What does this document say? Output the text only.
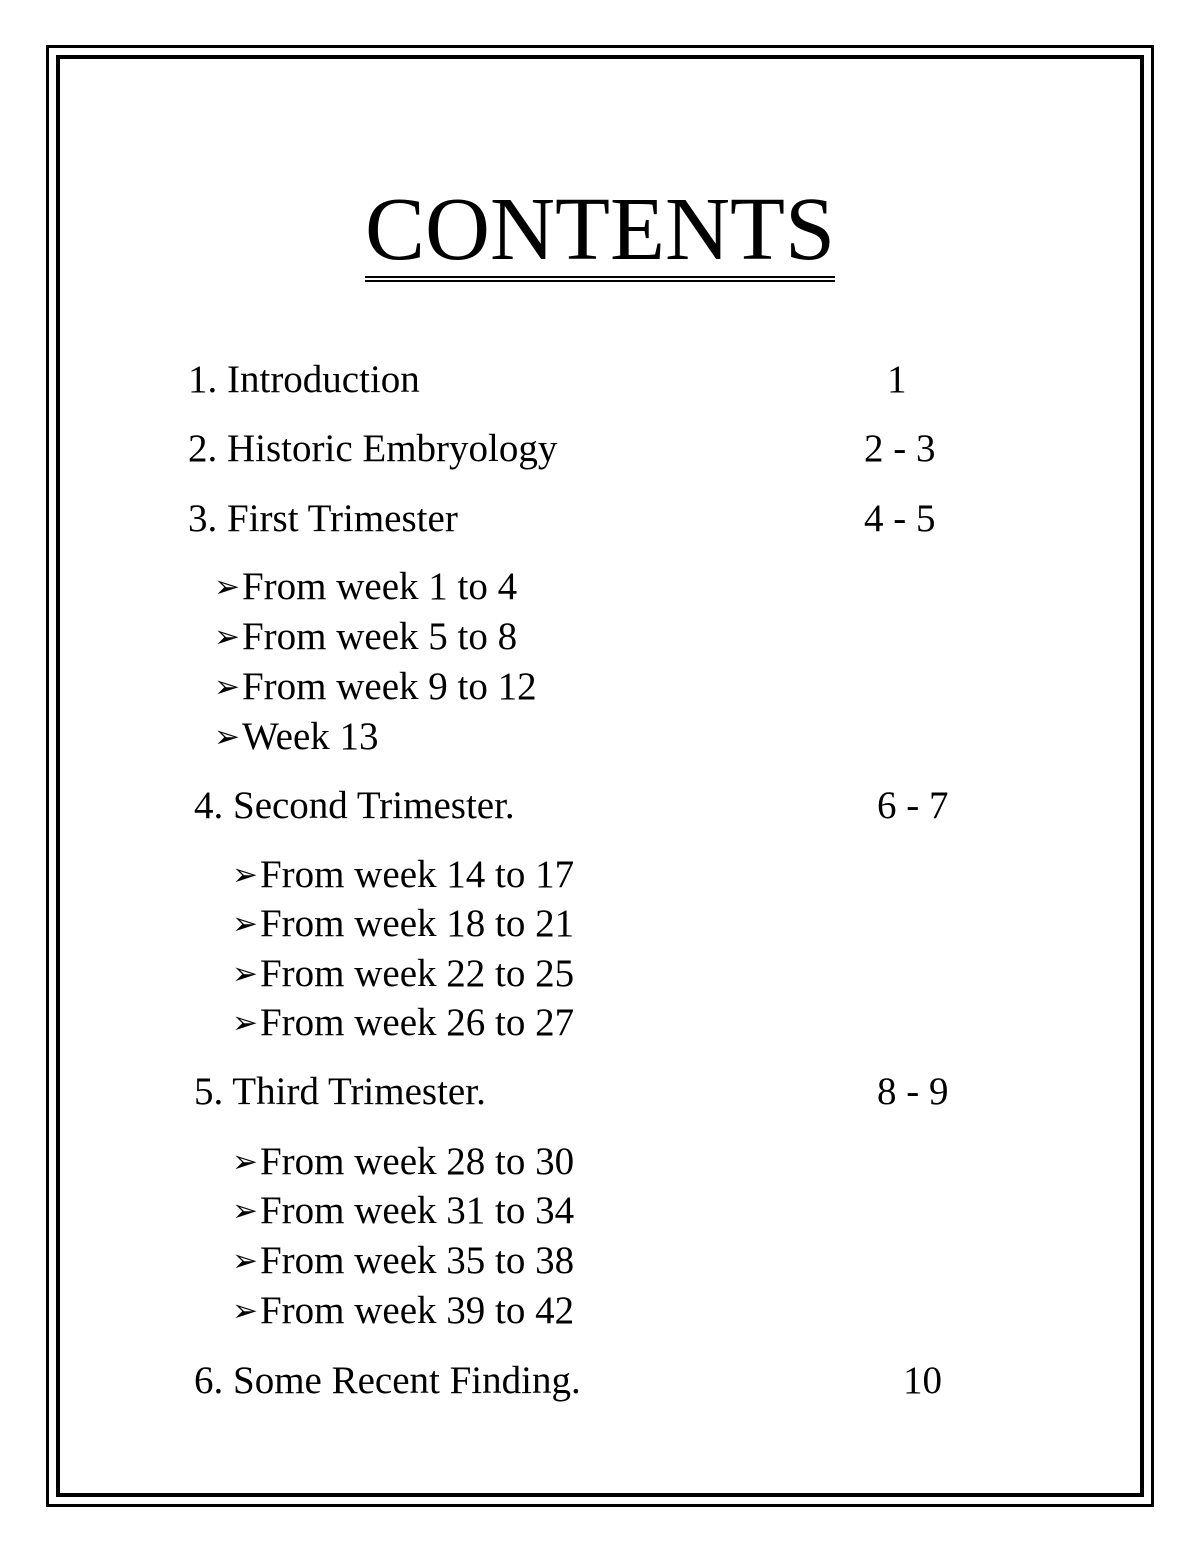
CONTENTS
1. Introduction	1
2. Historic Embryology	2 - 3
3. First Trimester	4 - 5
➢From week 1 to 4
➢From week 5 to 8
➢From week 9 to 12
➢Week 13
4. Second Trimester.	6 - 7
➢From week 14 to 17
➢From week 18 to 21
➢From week 22 to 25
➢From week 26 to 27
5. Third Trimester.	8 - 9
➢From week 28 to 30
➢From week 31 to 34
➢From week 35 to 38
➢From week 39 to 42
6. Some Recent Finding.	10
